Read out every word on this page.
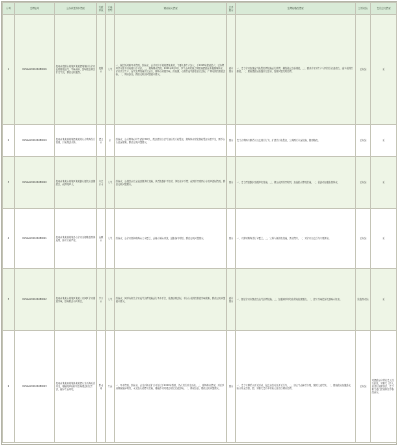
序号	受理编号	交办问题基本情况	行政区域	污染类型	调查核实情况	是否属实	处理和整改情况	是否办结	责任追究情况
1	D2SGA202106080016	贵州省贵阳市某某区某某镇某某村有企业长期排放废气，气味刺鼻，影响周边居民正常生活，群众反映强烈。	贵阳市	大气	一、被投诉对象基本情况。经核查，该企业位于某某镇某某村，主要从事生产加工，于2018年建成投产，已办理环评审批手续和排污许可证。二、现场调查情况。2021年6月9日，区生态环境局会同属地镇政府开展现场检查，企业正常生产，废气处理设施正常运行，现场有轻微异味。经监测，有组织废气排放浓度达标，厂界无组织排放达标。三、调查结论。群众反映的问题部分属实。	部分属实	一、责令企业加强废气收集处理设施运行管理，确保稳定达标排放。二、要求企业对生产车间进行密闭改造，减少无组织排放。三、属地镇政府加强日常巡查，发现问题及时处理。	已办结	无
2	D2SGA202106080019	贵州省某某县某某镇某某村有养殖场粪污直排，污染周边水体。	遵义市	水	经核查，该养殖场存栏生猪约300头，配套建设有沼气池和粪污收集池，现场检查时发现收集池容量不足，雨季存在溢流现象。群众反映问题属实。	属实	责令养殖场立即停止违法排污行为，扩建粪污收集池，完善雨污分流设施，限期整改。	已办结	无
3	D2SGA202106080020	贵州省某某市某某区某某路有餐饮店油烟扰民，夜间噪声大。	六盘水市	大气	经核查，该餐饮店已安装油烟净化设施，但清洗维护不及时，净化效率下降；夜间经营期间存在噪声超标情况。群众反映问题属实。	属实	一、责令清洗维护油烟净化设施。二、规范夜间经营时间，加装隔音降噪措施。三、街道办加强监督检查。	已办结	无
4	D2SGA202106080021	贵州省某某县某某乡有企业违规堆放固体废物，扬尘污染严重。	安顺市	大气	经核查，该企业原料堆场未完全覆盖，运输车辆未冲洗，道路扬尘明显。群众反映问题属实。	属实	一、立即对堆场进行全覆盖。二、完善车辆冲洗设施，洒水降尘。三、对企业违法行为立案调查。	已办结	无
5	D2SGA202106080022	贵州省某某市某某区某某工业园区企业排放异味，影响附近小区居民。	毕节市	大气	经核查，园区内相关企业废气治理设施运行基本正常，监测结果达标，但存在无组织排放异味现象。群众反映问题部分属实。	部分属实	一、督促企业升级改造废气治理设施。二、加强园区环境监管和监测频次。三、建立异味投诉快速响应机制。	阶段性办结	无
6	D2SGA202106080023	贵州省某某州某某县某某镇有采石场无证开采，爆破噪声和粉尘影响周边村民生活，破坏生态环境。	黔南州	生态	一、基本情况。经核查，该采石场采矿许可证已于2020年到期，仍在进行开采活动。二、现场检查情况。开采区域植被破坏明显，未采取有效降尘措施，爆破作业对周边村民造成影响。三、调查结论。群众反映问题属实。	属实	一、责令立即停止开采活动，依法查处无证开采行为。二、制定生态修复方案，限期完成复绿。三、属地政府加强巡查，防止死灰复燃。四、对相关责任单位和人员进行调查处理。	已办结	对镇政府分管负责人进行约谈，对相关工作人员进行诫勉谈话，责令相关部门深刻检讨并整改落实。
